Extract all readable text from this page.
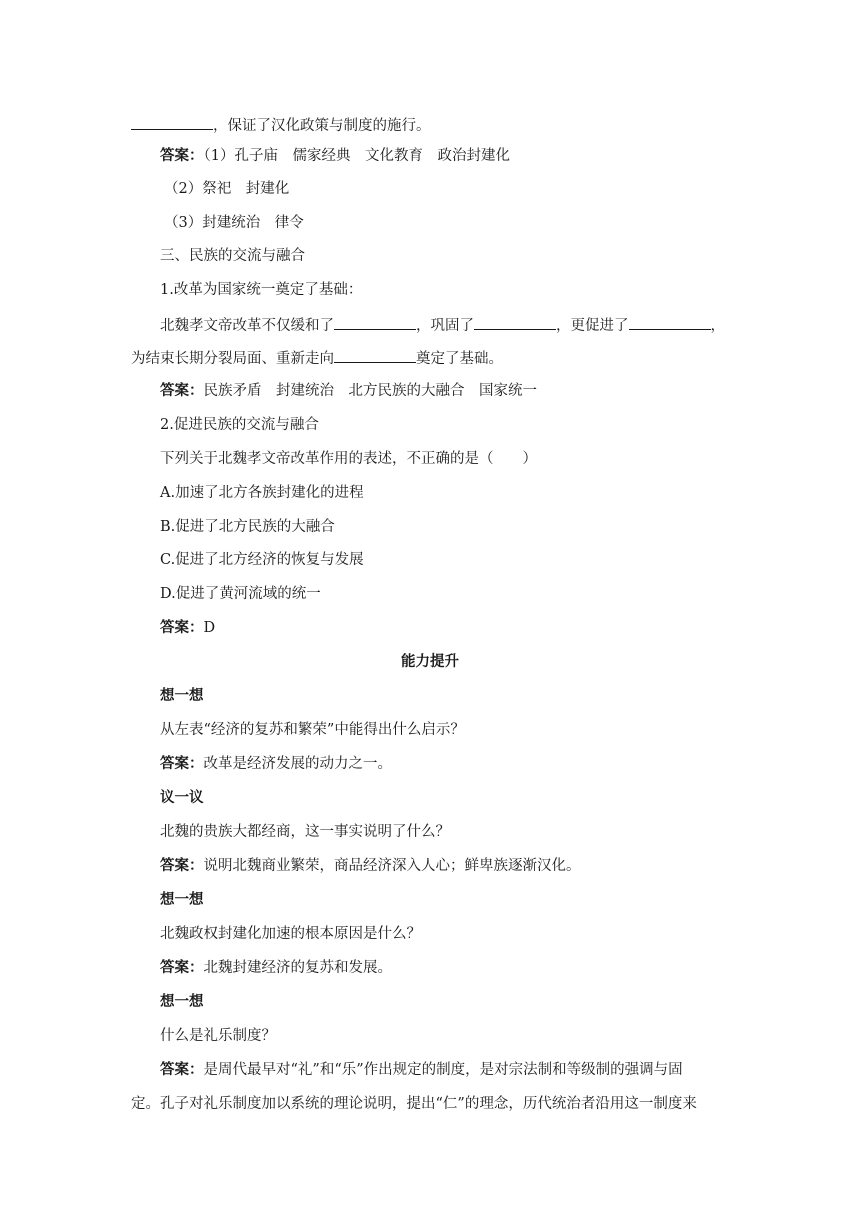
，保证了汉化政策与制度的施行。
答案：（1）孔子庙　儒家经典　文化教育　政治封建化
（2）祭祀　封建化
（3）封建统治　律令
三、民族的交流与融合
1.改革为国家统一奠定了基础：
北魏孝文帝改革不仅缓和了	，巩固了	，更促进了	，
为结束长期分裂局面、重新走向	奠定了基础。
答案：民族矛盾　封建统治　北方民族的大融合　国家统一
2.促进民族的交流与融合
下列关于北魏孝文帝改革作用的表述，不正确的是（　　）
A.加速了北方各族封建化的进程
B.促进了北方民族的大融合
C.促进了北方经济的恢复与发展
D.促进了黄河流域的统一
答案：D
能力提升
想一想
从左表“经济的复苏和繁荣”中能得出什么启示？
答案：改革是经济发展的动力之一。
议一议
北魏的贵族大都经商，这一事实说明了什么？
答案：说明北魏商业繁荣，商品经济深入人心；鲜卑族逐渐汉化。
想一想
北魏政权封建化加速的根本原因是什么？
答案：北魏封建经济的复苏和发展。
想一想
什么是礼乐制度？
答案：是周代最早对“礼”和“乐”作出规定的制度，是对宗法制和等级制的强调与固
定。孔子对礼乐制度加以系统的理论说明，提出“仁”的理念，历代统治者沿用这一制度来
